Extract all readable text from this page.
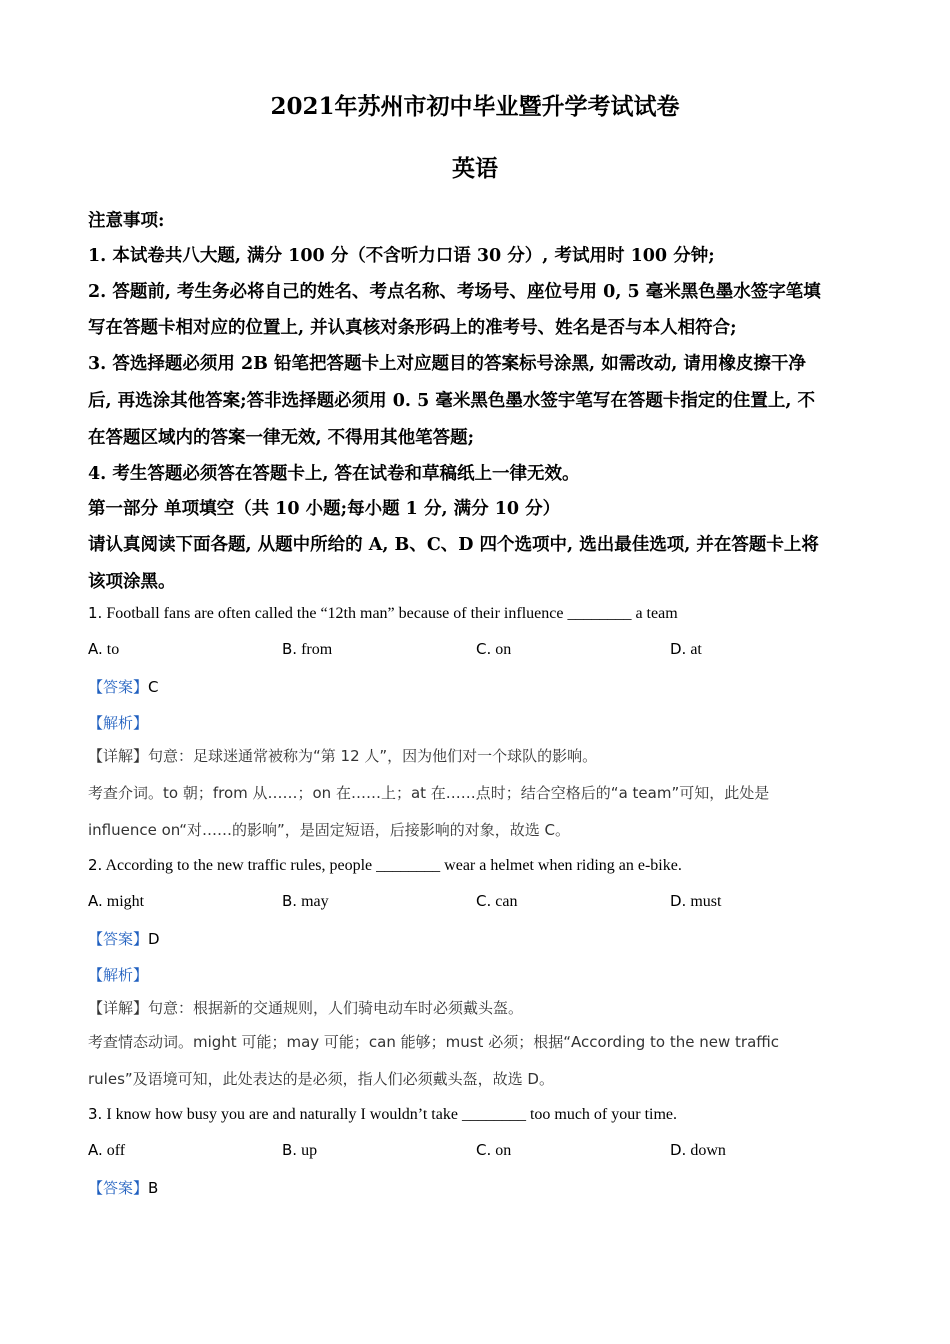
2021年苏州市初中毕业暨升学考试试卷
英语
注意事项:
1. 本试卷共八大题, 满分 100 分（不含听力口语 30 分）, 考试用时 100 分钟;
2. 答题前, 考生务必将自己的姓名、考点名称、考场号、座位号用 0, 5 毫米黑色墨水签字笔填
写在答题卡相对应的位置上, 并认真核对条形码上的准考号、姓名是否与本人相符合;
3. 答选择题必须用 2B 铅笔把答题卡上对应题目的答案标号涂黑, 如需改动, 请用橡皮擦干净
后, 再选涂其他答案;答非选择题必须用 0. 5 毫米黑色墨水签宇笔写在答题卡指定的住置上, 不
在答题区域内的答案一律无效, 不得用其他笔答题;
4. 考生答题必须答在答题卡上, 答在试卷和草稿纸上一律无效。
第一部分 单项填空（共 10 小题;每小题 1 分, 满分 10 分）
请认真阅读下面各题, 从题中所给的 A, B、C、D 四个选项中, 选出最佳选项, 并在答题卡上将
该项涂黑。
1. Football fans are often called the “12th man” because of their influence ________ a team
A. to	B. from	C. on	D. at
【答案】C
【解析】
【详解】句意：足球迷通常被称为“第 12 人”，因为他们对一个球队的影响。
考查介词。to 朝；from 从……；on 在……上；at 在……点时；结合空格后的“a team”可知，此处是
influence on“对……的影响”，是固定短语，后接影响的对象，故选 C。
2. According to the new traffic rules, people ________ wear a helmet when riding an e-bike.
A. might	B. may	C. can	D. must
【答案】D
【解析】
【详解】句意：根据新的交通规则，人们骑电动车时必须戴头盔。
考查情态动词。might 可能；may 可能；can 能够；must 必须；根据“According to the new traffic
rules”及语境可知，此处表达的是必须，指人们必须戴头盔，故选 D。
3. I know how busy you are and naturally I wouldn’t take ________ too much of your time.
A. off	B. up	C. on	D. down
【答案】B
